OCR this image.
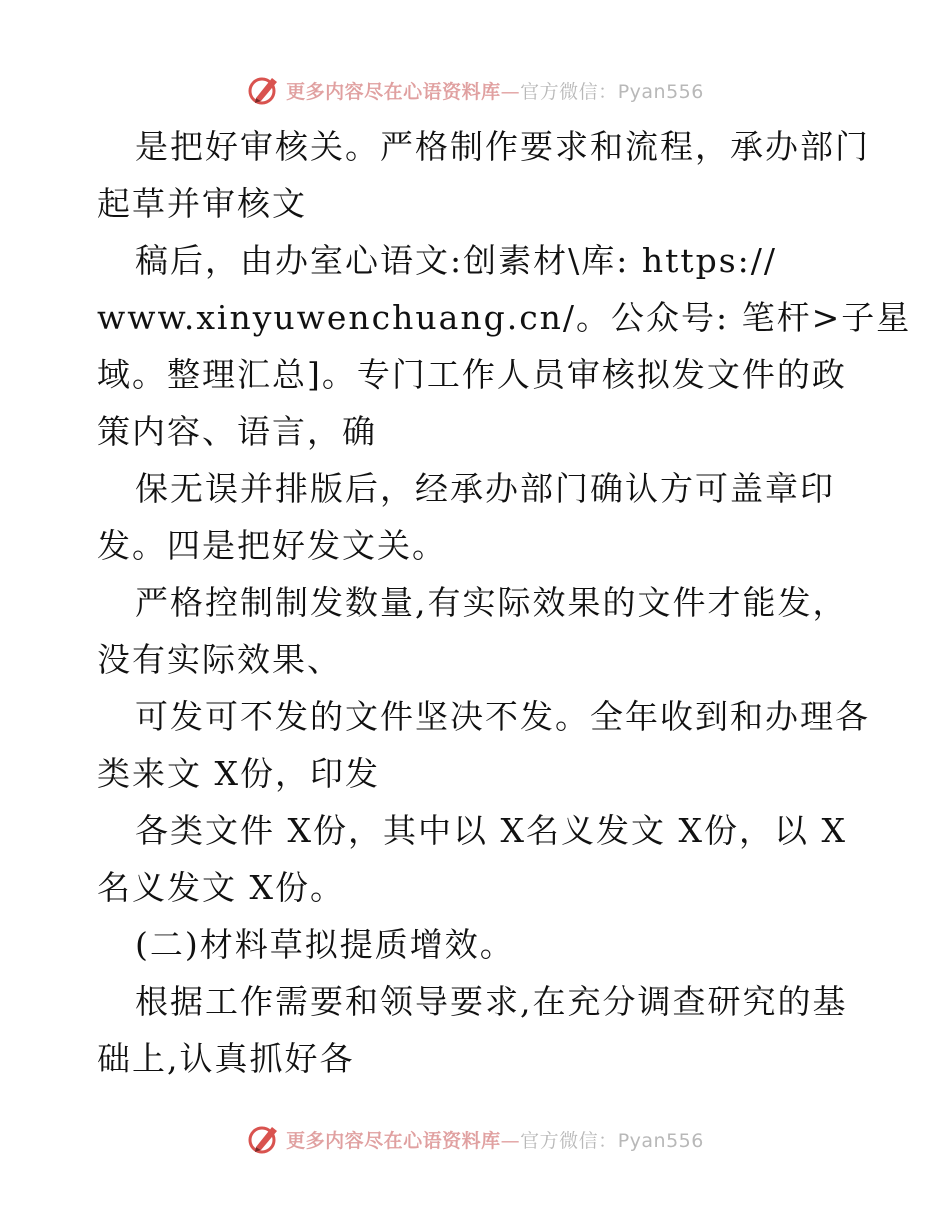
更多内容尽在心语资料库—官方微信：Pyan556
是把好审核关。严格制作要求和流程，承办部门
起草并审核文
稿后，由办室心语文:创素材\库: https://
www.xinyuwenchuang.cn/。公众号: 笔杆>子星
域。整理汇总]。专门工作人员审核拟发文件的政
策内容、语言，确
保无误并排版后，经承办部门确认方可盖章印
发。四是把好发文关。
严格控制制发数量,有实际效果的文件才能发，
没有实际效果、
可发可不发的文件坚决不发。全年收到和办理各
类来文 X份，印发
各类文件 X份，其中以 X名义发文 X份，以 X
名义发文 X份。
(二)材料草拟提质增效。
根据工作需要和领导要求,在充分调查研究的基
础上,认真抓好各
更多内容尽在心语资料库—官方微信：Pyan556
